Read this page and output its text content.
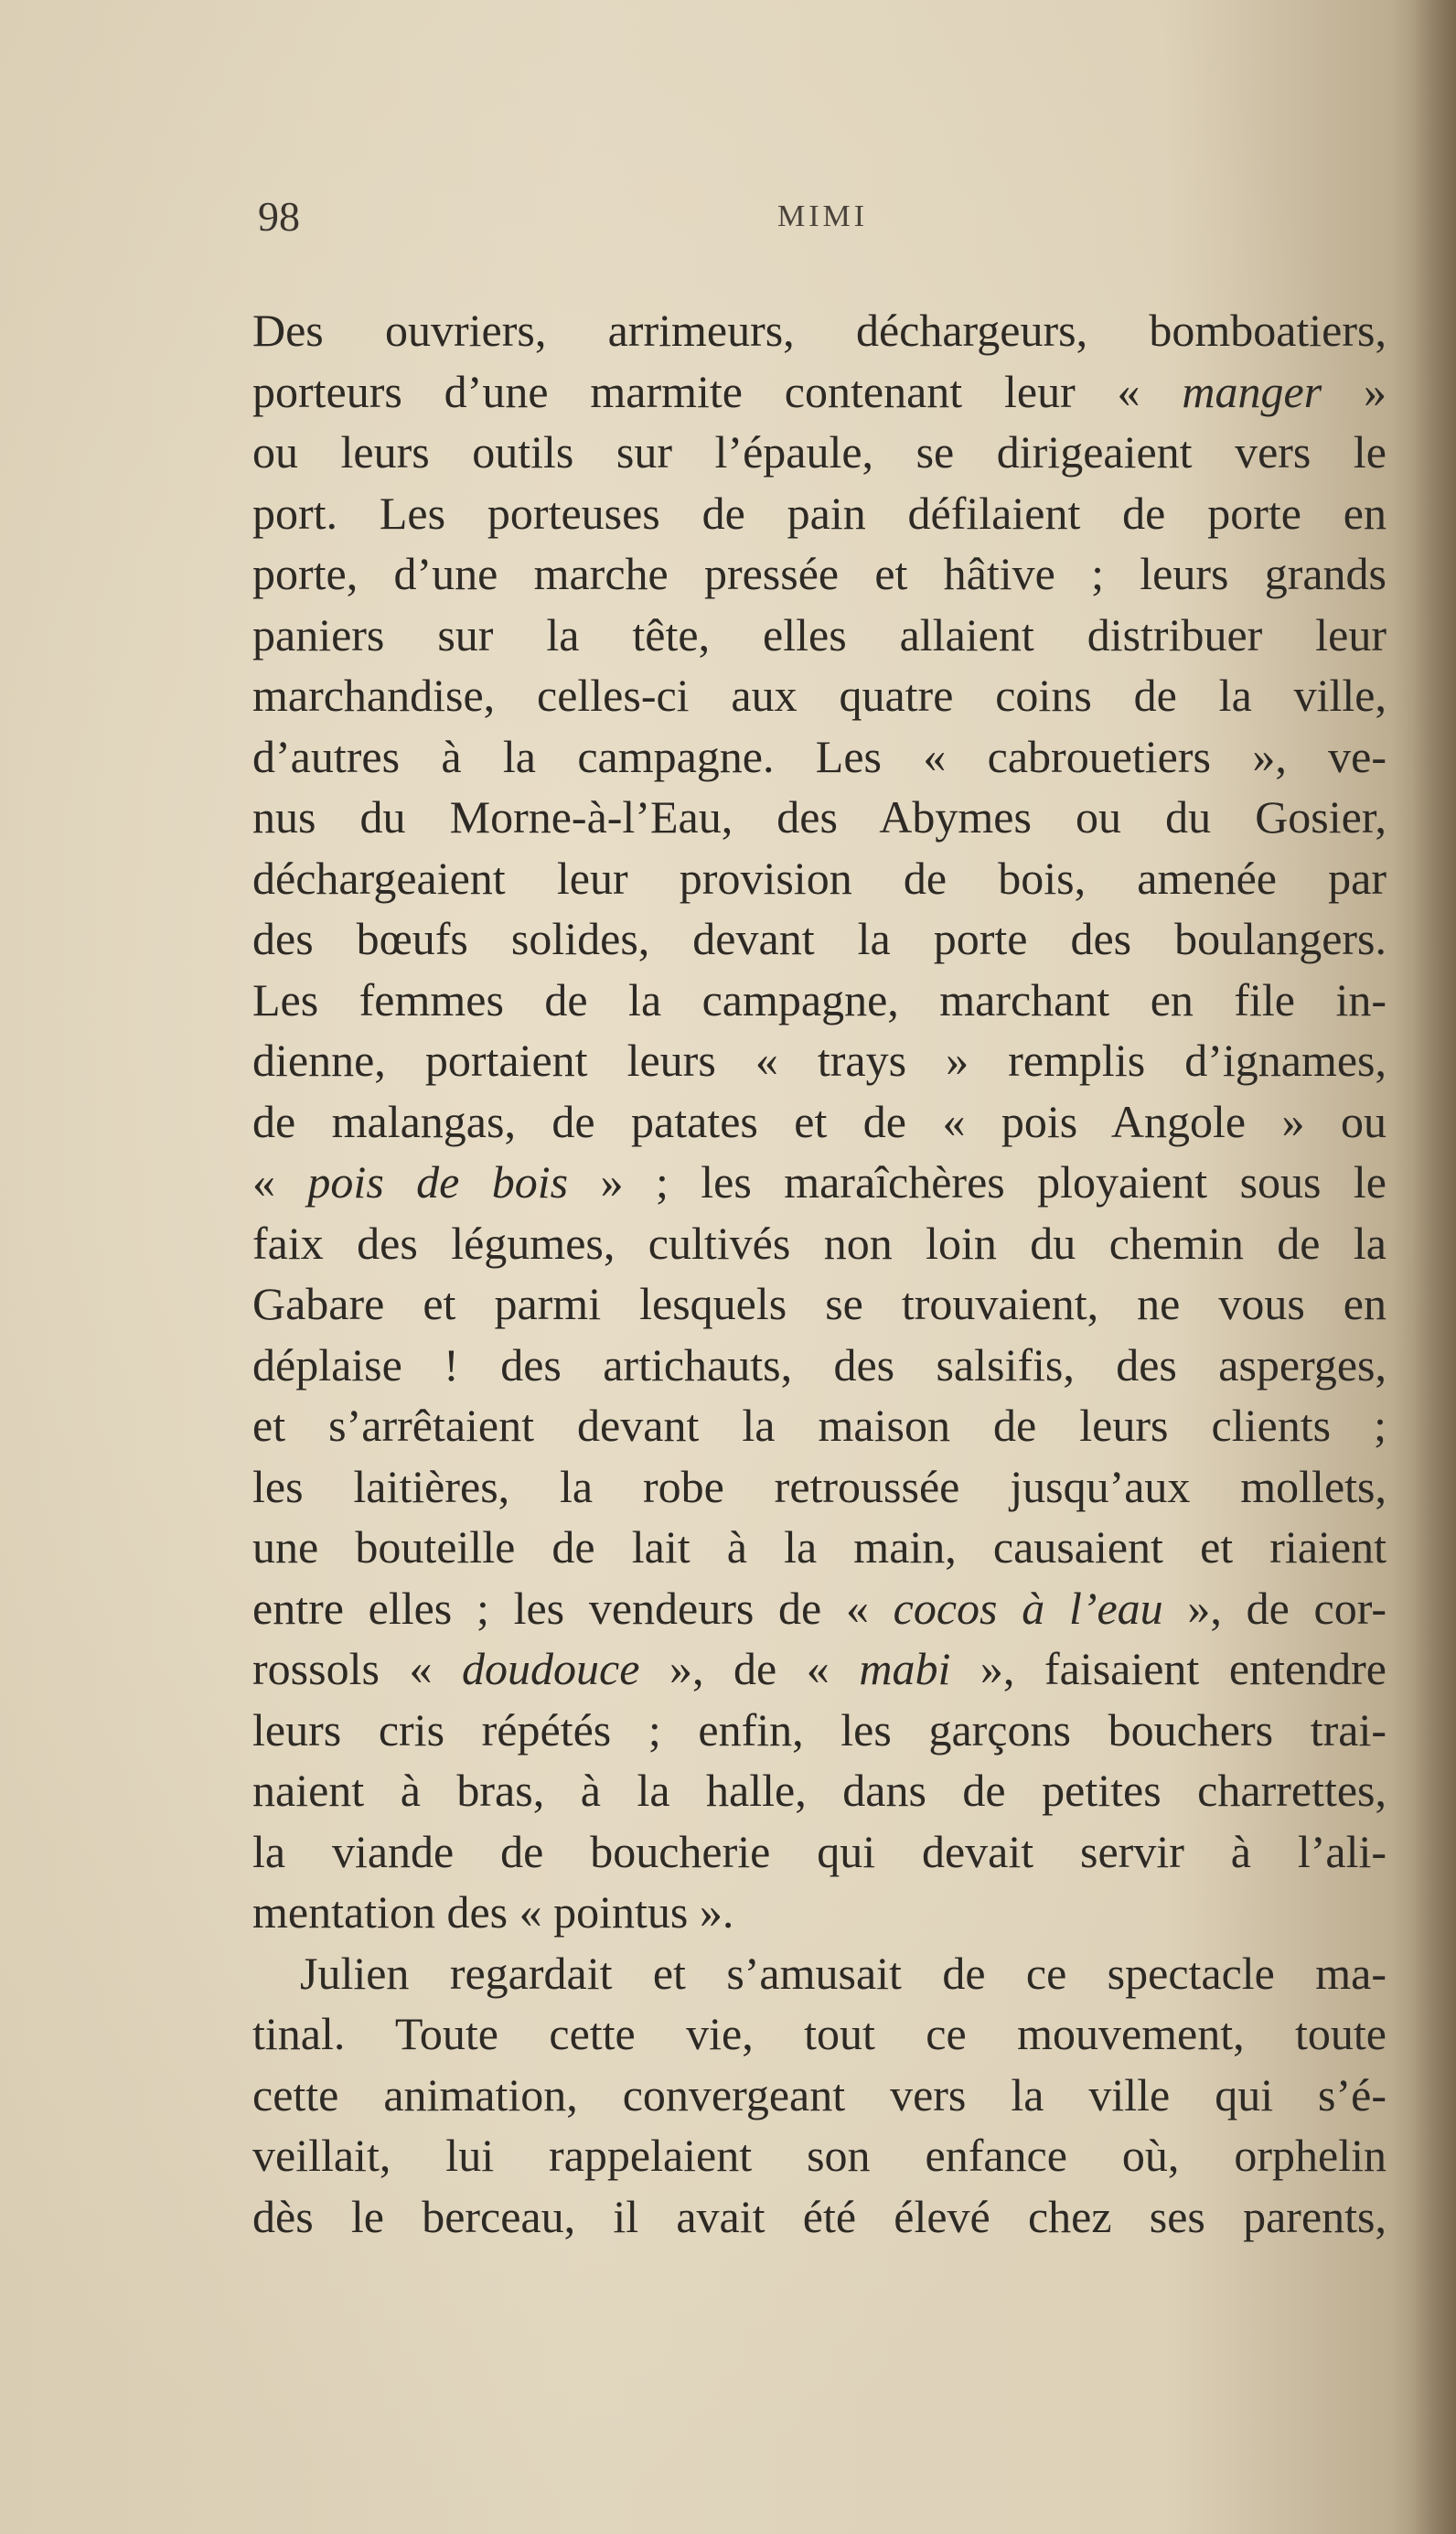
98	MIMI
Des ouvriers, arrimeurs, déchargeurs, bomboatiers,
porteurs d’une marmite contenant leur « manger »
ou leurs outils sur l’épaule, se dirigeaient vers le
port. Les porteuses de pain défilaient de porte en
porte, d’une marche pressée et hâtive ; leurs grands
paniers sur la tête, elles allaient distribuer leur
marchandise, celles-ci aux quatre coins de la ville,
d’autres à la campagne. Les « cabrouetiers », ve-
nus du Morne-à-l’Eau, des Abymes ou du Gosier,
déchargeaient leur provision de bois, amenée par
des bœufs solides, devant la porte des boulangers.
Les femmes de la campagne, marchant en file in-
dienne, portaient leurs « trays » remplis d’ignames,
de malangas, de patates et de « pois Angole » ou
« pois de bois » ; les maraîchères ployaient sous le
faix des légumes, cultivés non loin du chemin de la
Gabare et parmi lesquels se trouvaient, ne vous en
déplaise ! des artichauts, des salsifis, des asperges,
et s’arrêtaient devant la maison de leurs clients ;
les laitières, la robe retroussée jusqu’aux mollets,
une bouteille de lait à la main, causaient et riaient
entre elles ; les vendeurs de « cocos à l’eau », de cor-
rossols « doudouce », de « mabi », faisaient entendre
leurs cris répétés ; enfin, les garçons bouchers trai-
naient à bras, à la halle, dans de petites charrettes,
la viande de boucherie qui devait servir à l’ali-
mentation des « pointus ».
Julien regardait et s’amusait de ce spectacle ma-
tinal. Toute cette vie, tout ce mouvement, toute
cette animation, convergeant vers la ville qui s’é-
veillait, lui rappelaient son enfance où, orphelin
dès le berceau, il avait été élevé chez ses parents,
